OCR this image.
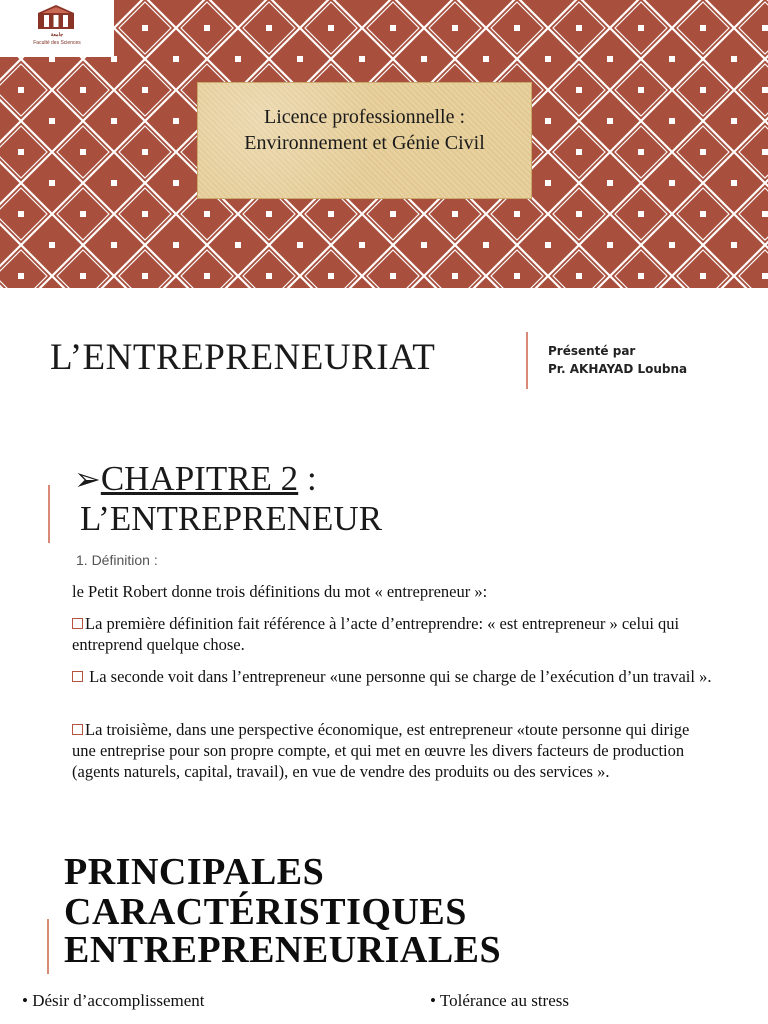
جامعة
Faculté des Sciences
Licence professionnelle :
Environnement et Génie Civil
L’ENTREPRENEURIAT	Présenté par
Pr. AKHAYAD Loubna
➢CHAPITRE 2 :
L’ENTREPRENEUR
1. Définition :
le Petit Robert donne trois définitions du mot « entrepreneur »:
La première définition fait référence à l’acte d’entreprendre: « est entrepreneur » celui qui entreprend quelque chose.
La seconde voit dans l’entrepreneur «une personne qui se charge de l’exécution d’un travail ».
La troisième, dans une perspective économique, est entrepreneur «toute personne qui dirige une entreprise pour son propre compte, et qui met en œuvre les divers facteurs de production (agents naturels, capital, travail), en vue de vendre des produits ou des services ».
PRINCIPALES
CARACTÉRISTIQUES
ENTREPRENEURIALES
• Désir d’accomplissement	• Tolérance au stress
